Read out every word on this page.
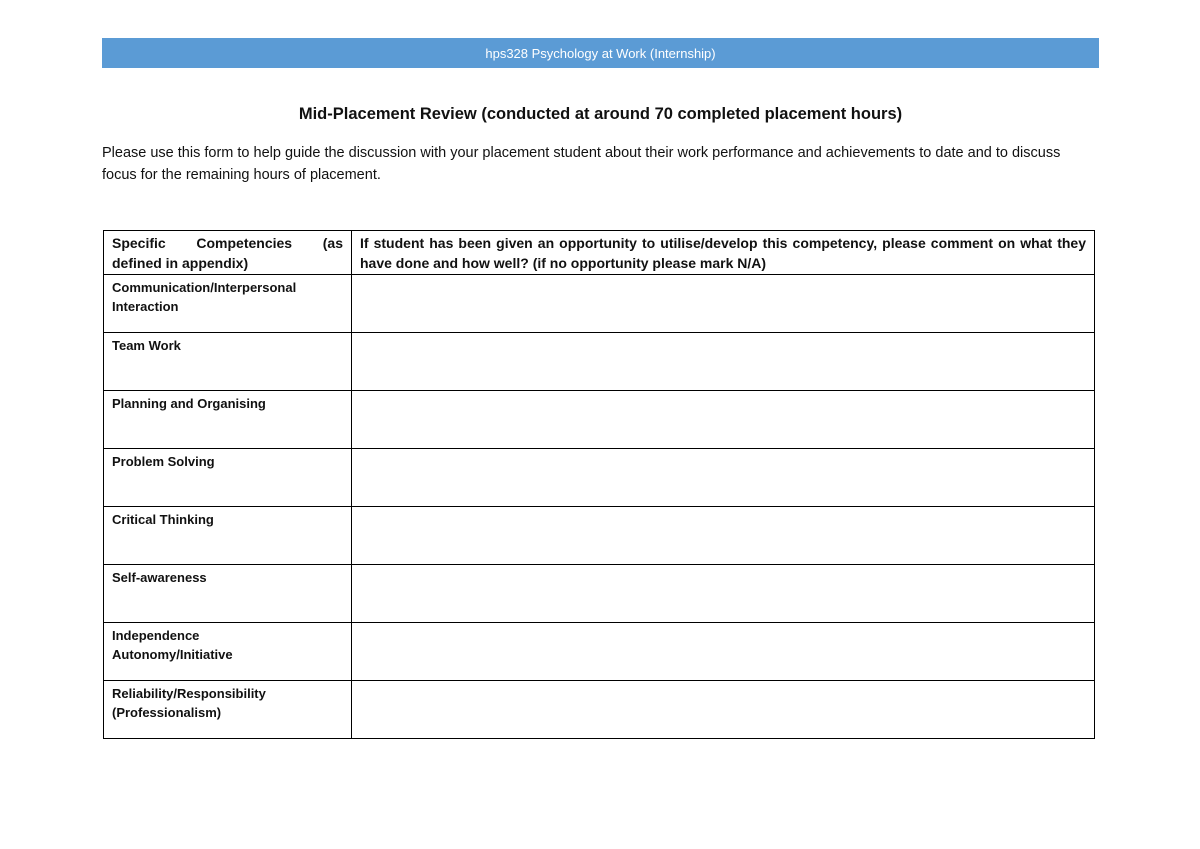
hps328 Psychology at Work (Internship)
Mid-Placement Review (conducted at around 70 completed placement hours)
Please use this form to help guide the discussion with your placement student about their work performance and achievements to date and to discuss focus for the remaining hours of placement.
Specific Competencies (as defined in appendix)	If student has been given an opportunity to utilise/develop this competency, please comment on what they have done and how well? (if no opportunity please mark N/A)

Communication/Interpersonal
Interaction	

Team Work	

Planning and Organising	

Problem Solving	

Critical Thinking	

Self-awareness	

Independence
Autonomy/Initiative	

Reliability/Responsibility
(Professionalism)	
